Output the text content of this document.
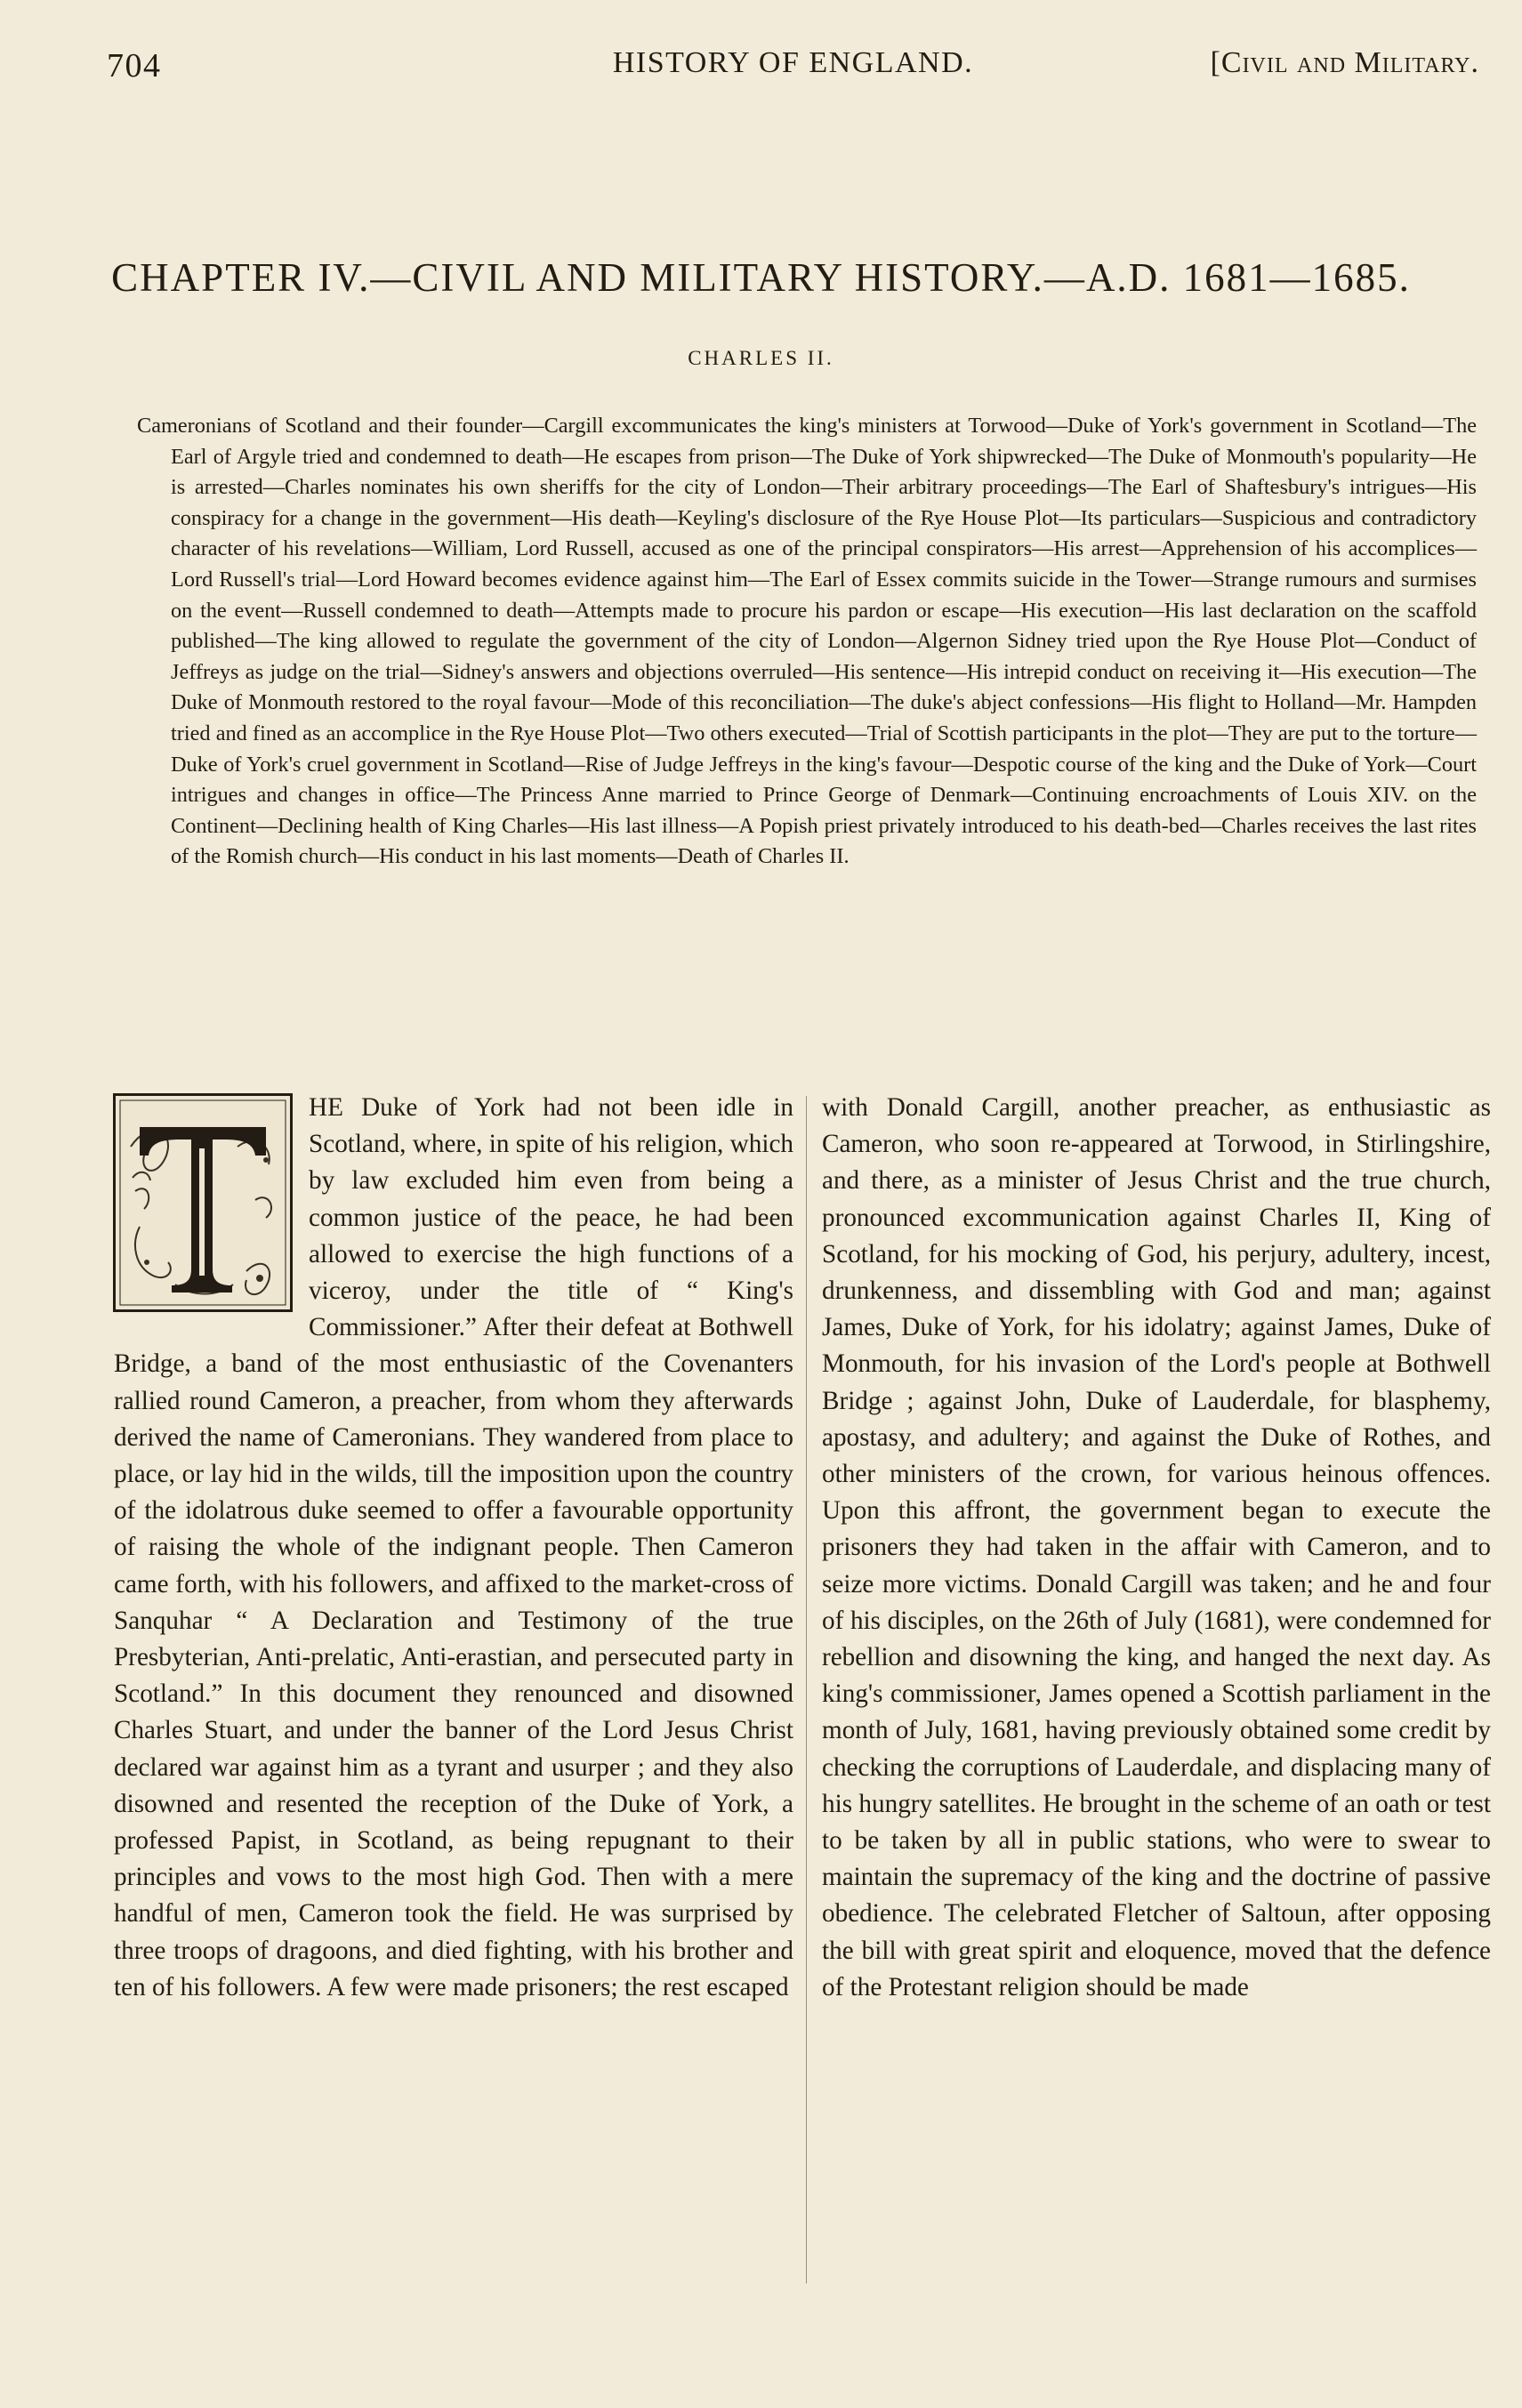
704	HISTORY OF ENGLAND.	[Civil and Military.
CHAPTER IV.—CIVIL AND MILITARY HISTORY.—A.D. 1681—1685.
CHARLES II.
Cameronians of Scotland and their founder—Cargill excommunicates the king's ministers at Torwood—Duke of York's government in Scotland—The Earl of Argyle tried and condemned to death—He escapes from prison—The Duke of York shipwrecked—The Duke of Monmouth's popularity—He is arrested—Charles nominates his own sheriffs for the city of London—Their arbitrary proceedings—The Earl of Shaftesbury's intrigues—His conspiracy for a change in the government—His death—Keyling's disclosure of the Rye House Plot—Its particulars—Suspicious and contradictory character of his revelations—William, Lord Russell, accused as one of the principal conspirators—His arrest—Apprehension of his accomplices—Lord Russell's trial—Lord Howard becomes evidence against him—The Earl of Essex commits suicide in the Tower—Strange rumours and surmises on the event—Russell condemned to death—Attempts made to procure his pardon or escape—His execution—His last declaration on the scaffold published—The king allowed to regulate the government of the city of London—Algernon Sidney tried upon the Rye House Plot—Conduct of Jeffreys as judge on the trial—Sidney's answers and objections overruled—His sentence—His intrepid conduct on receiving it—His execution—The Duke of Monmouth restored to the royal favour—Mode of this reconciliation—The duke's abject confessions—His flight to Holland—Mr. Hampden tried and fined as an accomplice in the Rye House Plot—Two others executed—Trial of Scottish participants in the plot—They are put to the torture—Duke of York's cruel government in Scotland—Rise of Judge Jeffreys in the king's favour—Despotic course of the king and the Duke of York—Court intrigues and changes in office—The Princess Anne married to Prince George of Denmark—Continuing encroachments of Louis XIV. on the Continent—Declining health of King Charles—His last illness—A Popish priest privately introduced to his death-bed—Charles receives the last rites of the Romish church—His conduct in his last moments—Death of Charles II.
HE Duke of York had not been idle in Scotland, where, in spite of his religion, which by law excluded him even from being a common justice of the peace, he had been allowed to exercise the high functions of a viceroy, under the title of “ King's Commissioner.” After their defeat at Bothwell Bridge, a band of the most enthusiastic of the Covenanters rallied round Cameron, a preacher, from whom they afterwards derived the name of Cameronians. They wandered from place to place, or lay hid in the wilds, till the imposition upon the country of the idolatrous duke seemed to offer a favourable opportunity of raising the whole of the indignant people. Then Cameron came forth, with his followers, and affixed to the market-cross of Sanquhar “ A Declaration and Testimony of the true Presbyterian, Anti-prelatic, Anti-erastian, and persecuted party in Scotland.” In this document they renounced and disowned Charles Stuart, and under the banner of the Lord Jesus Christ declared war against him as a tyrant and usurper ; and they also disowned and resented the reception of the Duke of York, a professed Papist, in Scotland, as being repugnant to their principles and vows to the most high God. Then with a mere handful of men, Cameron took the field. He was surprised by three troops of dragoons, and died fighting, with his brother and ten of his followers. A few were made prisoners; the rest escaped
with Donald Cargill, another preacher, as enthusiastic as Cameron, who soon re-appeared at Torwood, in Stirlingshire, and there, as a minister of Jesus Christ and the true church, pronounced excommunication against Charles II, King of Scotland, for his mocking of God, his perjury, adultery, incest, drunkenness, and dissembling with God and man; against James, Duke of York, for his idolatry; against James, Duke of Monmouth, for his invasion of the Lord's people at Bothwell Bridge ; against John, Duke of Lauderdale, for blasphemy, apostasy, and adultery; and against the Duke of Rothes, and other ministers of the crown, for various heinous offences. Upon this affront, the government began to execute the prisoners they had taken in the affair with Cameron, and to seize more victims. Donald Cargill was taken; and he and four of his disciples, on the 26th of July (1681), were condemned for rebellion and disowning the king, and hanged the next day. As king's commissioner, James opened a Scottish parliament in the month of July, 1681, having previously obtained some credit by checking the corruptions of Lauderdale, and displacing many of his hungry satellites. He brought in the scheme of an oath or test to be taken by all in public stations, who were to swear to maintain the supremacy of the king and the doctrine of passive obedience. The celebrated Fletcher of Saltoun, after opposing the bill with great spirit and eloquence, moved that the defence of the Protestant religion should be made
